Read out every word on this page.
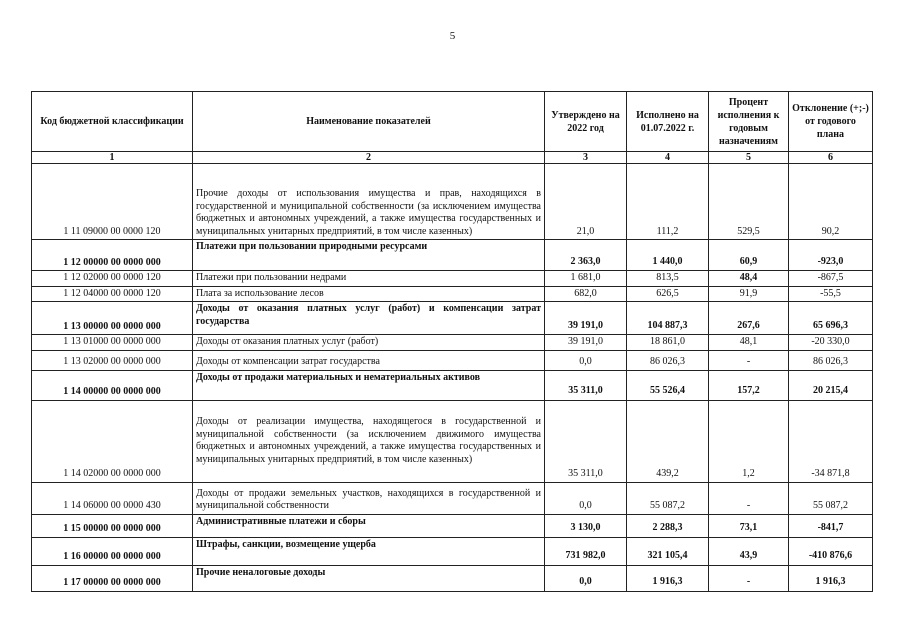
5
Код бюджетной классификации	Наименование показателей	Утверждено на 2022 год	Исполнено на 01.07.2022 г.	Процент исполнения к годовым назначениям	Отклонение (+;-) от годового плана
1	2	3	4	5	6
1 11 09000 00 0000 120	Прочие доходы от использования имущества и прав, находящихся в государственной и муниципальной собственности (за исключением имущества бюджетных и автономных учреждений, а также имущества государственных и муниципальных унитарных предприятий, в том числе казенных)	21,0	111,2	529,5	90,2
1 12 00000 00 0000 000	Платежи при пользовании природными ресурсами	2 363,0	1 440,0	60,9	-923,0
1 12 02000 00 0000 120	Платежи при пользовании недрами	1 681,0	813,5	48,4	-867,5
1 12 04000 00 0000 120	Плата за использование лесов	682,0	626,5	91,9	-55,5
1 13 00000 00 0000 000	Доходы от оказания платных услуг (работ) и компенсации затрат государства	39 191,0	104 887,3	267,6	65 696,3
1 13 01000 00 0000 000	Доходы от оказания платных услуг (работ)	39 191,0	18 861,0	48,1	-20 330,0
1 13 02000 00 0000 000	Доходы от компенсации затрат государства	0,0	86 026,3	-	86 026,3
1 14 00000 00 0000 000	Доходы от продажи материальных и нематериальных активов	35 311,0	55 526,4	157,2	20 215,4
1 14 02000 00 0000 000	Доходы от реализации имущества, находящегося в государственной и муниципальной собственности (за исключением движимого имущества бюджетных и автономных учреждений, а также имущества государственных и муниципальных унитарных предприятий, в том числе казенных)	35 311,0	439,2	1,2	-34 871,8
1 14 06000 00 0000 430	Доходы от продажи земельных участков, находящихся в государственной и муниципальной собственности	0,0	55 087,2	-	55 087,2
1 15 00000 00 0000 000	Административные платежи и сборы	3 130,0	2 288,3	73,1	-841,7
1 16 00000 00 0000 000	Штрафы, санкции, возмещение ущерба	731 982,0	321 105,4	43,9	-410 876,6
1 17 00000 00 0000 000	Прочие неналоговые доходы	0,0	1 916,3	-	1 916,3
